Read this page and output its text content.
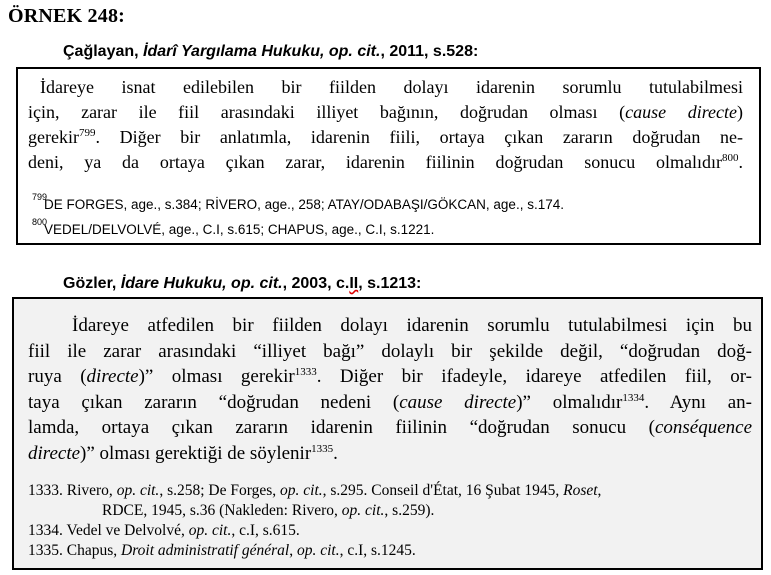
ÖRNEK 248:
Çağlayan, İdarî Yargılama Hukuku, op. cit., 2011, s.528:
İdareye isnat edilebilen bir fiilden dolayı idarenin sorumlu tutulabilmesi
için, zarar ile fiil arasındaki illiyet bağının, doğrudan olması (cause directe)
gerekir$^{799}$. Diğer bir anlatımla, idarenin fiili, ortaya çıkan zararın doğrudan ne-
deni, ya da ortaya çıkan zarar, idarenin fiilinin doğrudan sonucu olmalıdır$^{800}$.
799
DE FORGES, age., s.384; RİVERO, age., 258; ATAY/ODABAŞI/GÖKCAN, age., s.174.
800
VEDEL/DELVOLVÉ, age., C.I, s.615; CHAPUS, age., C.I, s.1221.
Gözler, İdare Hukuku, op. cit., 2003, c.II, s.1213:
İdareye atfedilen bir fiilden dolayı idarenin sorumlu tutulabilmesi için bu
fiil ile zarar arasındaki “illiyet bağı” dolaylı bir şekilde değil, “doğrudan doğ-
ruya (directe)” olması gerekir$^{1333}$. Diğer bir ifadeyle, idareye atfedilen fiil, or-
taya çıkan zararın “doğrudan nedeni (cause directe)” olmalıdır$^{1334}$. Aynı an-
lamda, ortaya çıkan zararın idarenin fiilinin “doğrudan sonucu (conséquence
directe)” olması gerektiği de söylenir$^{1335}$.
1333. Rivero, op. cit., s.258; De Forges, op. cit., s.295. Conseil d'État, 16 Şubat 1945, Roset,
RDCE, 1945, s.36 (Nakleden: Rivero, op. cit., s.259).
1334. Vedel ve Delvolvé, op. cit., c.I, s.615.
1335. Chapus, Droit administratif général, op. cit., c.I, s.1245.
